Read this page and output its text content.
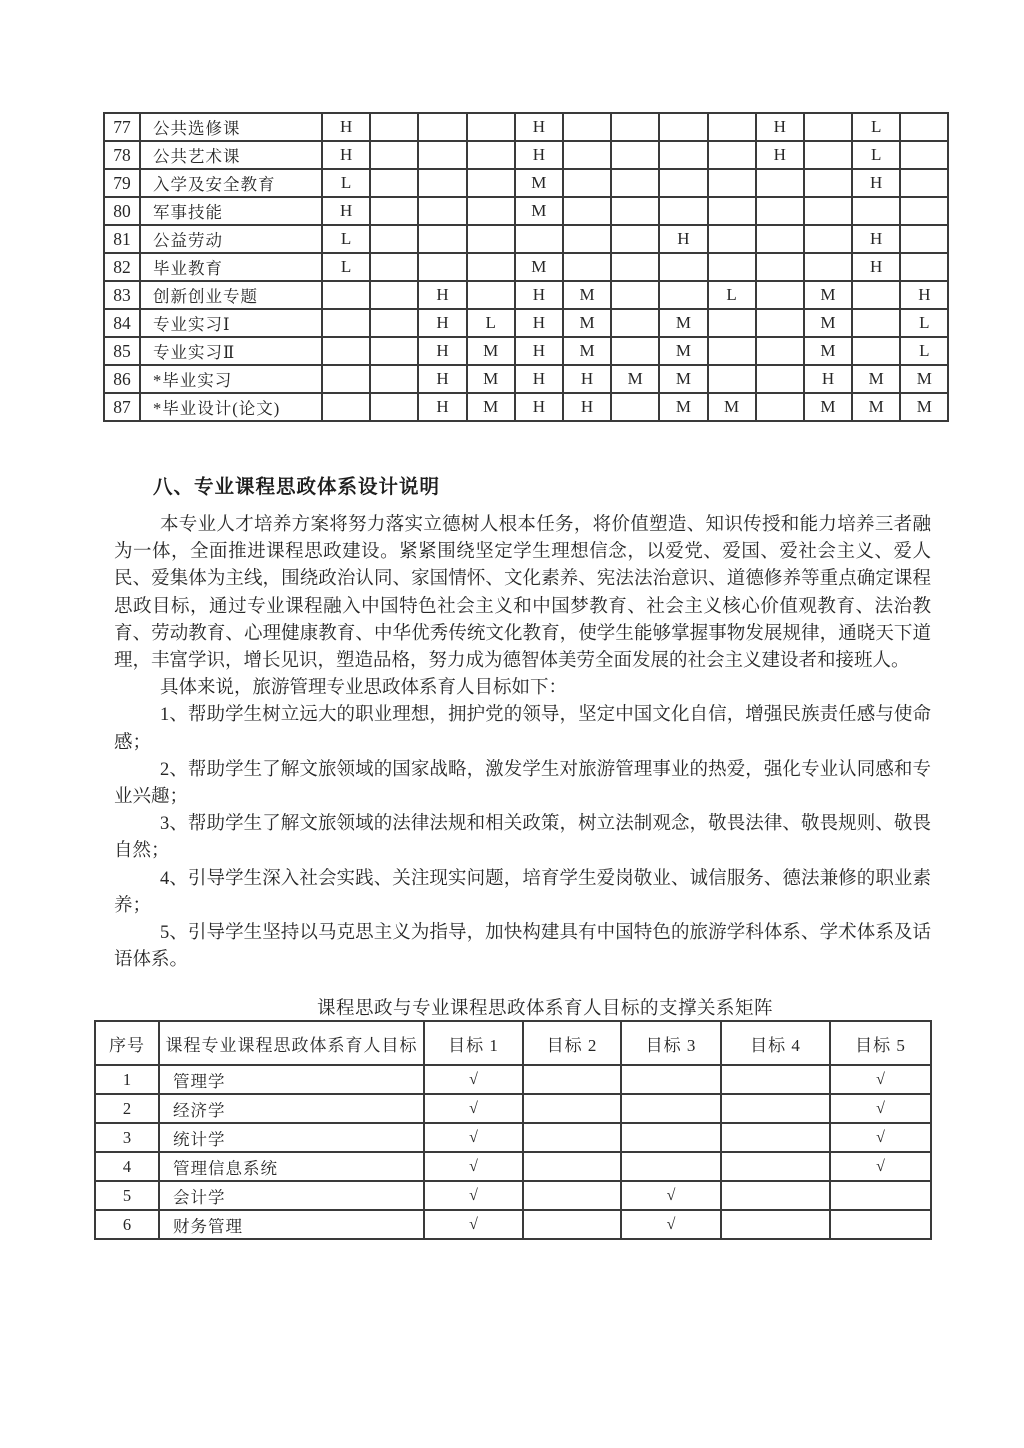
77	公共选修课	H				H					H		L	
78	公共艺术课	H				H					H		L	
79	入学及安全教育	L				M							H	
80	军事技能	H				M								
81	公益劳动	L							H				H	
82	毕业教育	L				M							H	
83	创新创业专题			H		H	M			L		M		H
84	专业实习Ⅰ			H	L	H	M		M			M		L
85	专业实习Ⅱ			H	M	H	M		M			M		L
86	*毕业实习			H	M	H	H	M	M			H	M	M
87	*毕业设计(论文)			H	M	H	H		M	M		M	M	M
八、专业课程思政体系设计说明

本专业人才培养方案将努力落实立德树人根本任务，将价值塑造、知识传授和能力培养三者融为一体，全面推进课程思政建设。紧紧围绕坚定学生理想信念，以爱党、爱国、爱社会主义、爱人民、爱集体为主线，围绕政治认同、家国情怀、文化素养、宪法法治意识、道德修养等重点确定课程思政目标，通过专业课程融入中国特色社会主义和中国梦教育、社会主义核心价值观教育、法治教育、劳动教育、心理健康教育、中华优秀传统文化教育，使学生能够掌握事物发展规律，通晓天下道理，丰富学识，增长见识，塑造品格，努力成为德智体美劳全面发展的社会主义建设者和接班人。

具体来说，旅游管理专业思政体系育人目标如下：

1、帮助学生树立远大的职业理想，拥护党的领导，坚定中国文化自信，增强民族责任感与使命感；

2、帮助学生了解文旅领域的国家战略，激发学生对旅游管理事业的热爱，强化专业认同感和专业兴趣；

3、帮助学生了解文旅领域的法律法规和相关政策，树立法制观念，敬畏法律、敬畏规则、敬畏自然；

4、引导学生深入社会实践、关注现实问题，培育学生爱岗敬业、诚信服务、德法兼修的职业素养；

5、引导学生坚持以马克思主义为指导，加快构建具有中国特色的旅游学科体系、学术体系及话语体系。

课程思政与专业课程思政体系育人目标的支撑关系矩阵

序号	课程专业课程思政体系育人目标	目标 1	目标 2	目标 3	目标 4	目标 5
1	管理学	√				√
2	经济学	√				√
3	统计学	√				√
4	管理信息系统	√				√
5	会计学	√		√		
6	财务管理	√		√		
